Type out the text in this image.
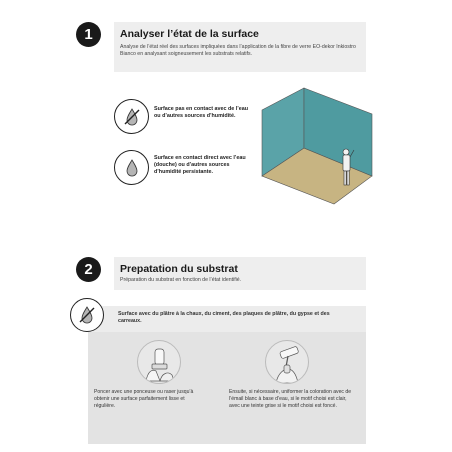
1	Analyser l’état de la surface
Analyse de l’état réel des surfaces impliquées dans l’application de la fibre de verre EO-dekor Inkiostro Bianco en analysant soigneusement les substrats relatifs.
Surface pas en contact avec de l’eau ou d’autres sources d’humidité.
Surface en contact direct avec l’eau (douche) ou d’autres sources d’humidité persistante.
2	Prepatation du substrat
Préparation du substrat en fonction de l’état identifié.
Surface avec du plâtre à la chaux, du ciment, des plaques de plâtre, du gypse et des carreaux.
Poncer avec une ponceuse ou raser jusqu’à obtenir une surface parfaitement lisse et régulière.
Ensuite, si nécessaire, uniformer la coloration avec de l’émail blanc à base d’eau, si le motif choisi est clair, avec une teinte grise si le motif choisi est foncé.
